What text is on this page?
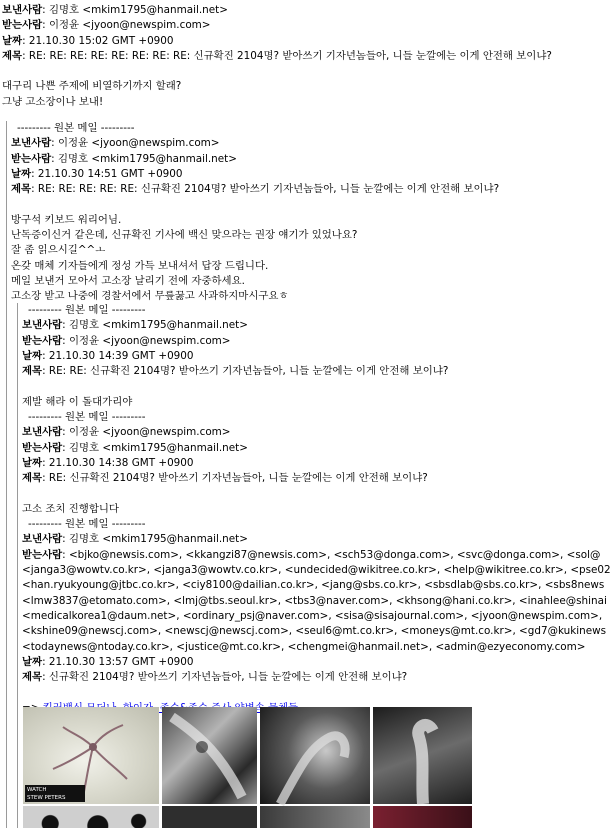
보낸사람: 김명호 <mkim1795@hanmail.net>
받는사람: 이정윤 <jyoon@newspim.com>
날짜: 21.10.30 15:02 GMT +0900
제목: RE: RE: RE: RE: RE: RE: RE: RE: 신규확진 2104명? 받아쓰기 기자년놈들아, 니들 눈깔에는 이게 안전해 보이냐?
대구리 나쁜 주제에 비열하기까지 할래?
그냥 고소장이나 보내!
--------- 원본 메일 ---------
보낸사람: 이정윤 <jyoon@newspim.com>
받는사람: 김명호 <mkim1795@hanmail.net>
날짜: 21.10.30 14:51 GMT +0900
제목: RE: RE: RE: RE: RE: 신규확진 2104명? 받아쓰기 기자년놈들아, 니들 눈깔에는 이게 안전해 보이냐?
방구석 키보드 워리어님.
난독증이신거 같은데, 신규확진 기사에 백신 맞으라는 권장 얘기가 있었나요?
잘 좀 읽으시길^^ㅗ
온갖 매체 기자들에게 정성 가득 보내셔서 답장 드립니다.
메일 보낸거 모아서 고소장 날리기 전에 자중하세요.
고소장 받고 나중에 경찰서에서 무릎꿇고 사과하지마시구요ㅎ
--------- 원본 메일 ---------
보낸사람: 김명호 <mkim1795@hanmail.net>
받는사람: 이정윤 <jyoon@newspim.com>
날짜: 21.10.30 14:39 GMT +0900
제목: RE: RE: 신규확진 2104명? 받아쓰기 기자년놈들아, 니들 눈깔에는 이게 안전해 보이냐?
제발 해라 이 돌대가리야
--------- 원본 메일 ---------
보낸사람: 이정윤 <jyoon@newspim.com>
받는사람: 김명호 <mkim1795@hanmail.net>
날짜: 21.10.30 14:38 GMT +0900
제목: RE: 신규확진 2104명? 받아쓰기 기자년놈들아, 니들 눈깔에는 이게 안전해 보이냐?
고소 조치 진행합니다
--------- 원본 메일 ---------
보낸사람: 김명호 <mkim1795@hanmail.net>
받는사람: <bjko@newsis.com>, <kkangzi87@newsis.com>, <sch53@donga.com>, <svc@donga.com>, <sol@
<janga3@wowtv.co.kr>, <janga3@wowtv.co.kr>, <undecided@wikitree.co.kr>, <help@wikitree.co.kr>, <pse02
<han.ryukyoung@jtbc.co.kr>, <ciy8100@dailian.co.kr>, <jang@sbs.co.kr>, <sbsdlab@sbs.co.kr>, <sbs8news
<lmw3837@etomato.com>, <lmj@tbs.seoul.kr>, <tbs3@naver.com>, <khsong@hani.co.kr>, <inahlee@shinai
<medicalkorea1@daum.net>, <ordinary_psj@naver.com>, <sisa@sisajournal.com>, <jyoon@newspim.com>,
<kshine09@newscj.com>, <newscj@newscj.com>, <seul6@mt.co.kr>, <moneys@mt.co.kr>, <gd7@kukinews
<todaynews@ntoday.co.kr>, <justice@mt.co.kr>, <chengmei@hanmail.net>, <admin@ezyeconomy.com>
날짜: 21.10.30 13:57 GMT +0900
제목: 신규확진 2104명? 받아쓰기 기자년놈들아, 니들 눈깔에는 이게 안전해 보이냐?
WATCH
STEW PETERS
